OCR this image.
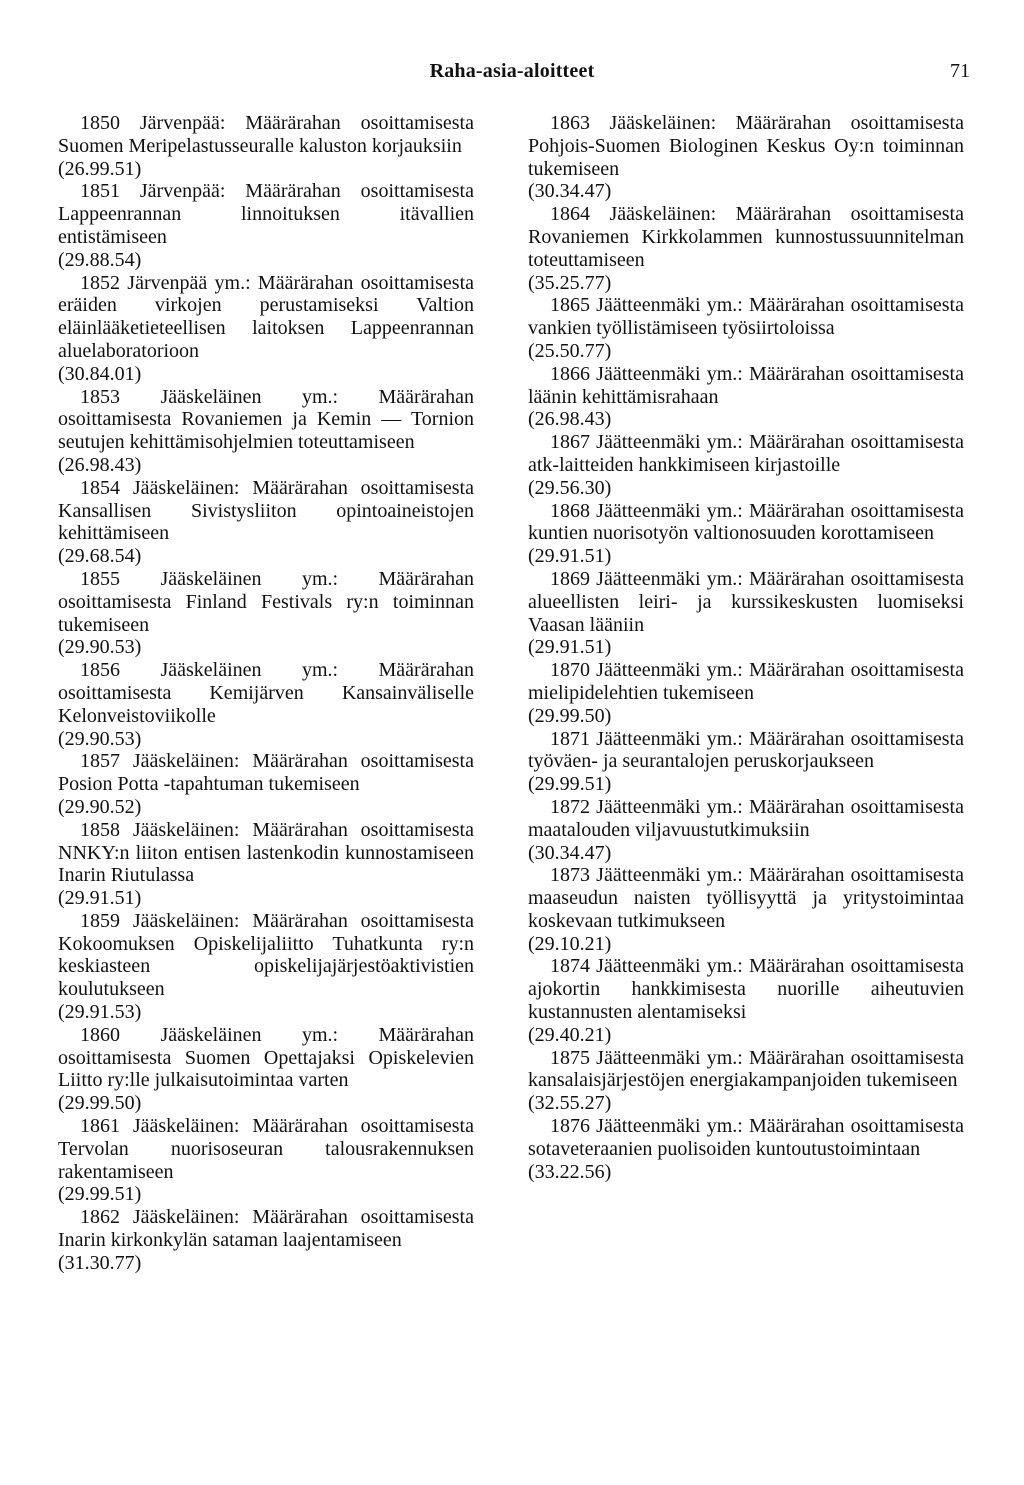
Raha-asia-aloitteet	71
1850 Järvenpää: Määrärahan osoittamisesta Suomen Meripelastusseuralle kaluston korjauksiin
(26.99.51)
1851 Järvenpää: Määrärahan osoittamisesta Lappeenrannan linnoituksen itävallien entistämiseen
(29.88.54)
1852 Järvenpää ym.: Määrärahan osoittamisesta eräiden virkojen perustamiseksi Valtion eläinlääketieteellisen laitoksen Lappeenrannan aluelaboratorioon
(30.84.01)
1853 Jääskeläinen ym.: Määrärahan osoittamisesta Rovaniemen ja Kemin — Tornion seutujen kehittämisohjelmien toteuttamiseen
(26.98.43)
1854 Jääskeläinen: Määrärahan osoittamisesta Kansallisen Sivistysliiton opintoaineistojen kehittämiseen
(29.68.54)
1855 Jääskeläinen ym.: Määrärahan osoittamisesta Finland Festivals ry:n toiminnan tukemiseen
(29.90.53)
1856 Jääskeläinen ym.: Määrärahan osoittamisesta Kemijärven Kansainväliselle Kelonveistoviikolle
(29.90.53)
1857 Jääskeläinen: Määrärahan osoittamisesta Posion Potta -tapahtuman tukemiseen
(29.90.52)
1858 Jääskeläinen: Määrärahan osoittamisesta NNKY:n liiton entisen lastenkodin kunnostamiseen Inarin Riutulassa
(29.91.51)
1859 Jääskeläinen: Määrärahan osoittamisesta Kokoomuksen Opiskelijaliitto Tuhatkunta ry:n keskiasteen opiskelijajärjestöaktivistien koulutukseen
(29.91.53)
1860 Jääskeläinen ym.: Määrärahan osoittamisesta Suomen Opettajaksi Opiskelevien Liitto ry:lle julkaisutoimintaa varten
(29.99.50)
1861 Jääskeläinen: Määrärahan osoittamisesta Tervolan nuorisoseuran talousrakennuksen rakentamiseen
(29.99.51)
1862 Jääskeläinen: Määrärahan osoittamisesta Inarin kirkonkylän sataman laajentamiseen
(31.30.77)
1863 Jääskeläinen: Määrärahan osoittamisesta Pohjois-Suomen Biologinen Keskus Oy:n toiminnan tukemiseen
(30.34.47)
1864 Jääskeläinen: Määrärahan osoittamisesta Rovaniemen Kirkkolammen kunnostussuunnitelman toteuttamiseen
(35.25.77)
1865 Jäätteenmäki ym.: Määrärahan osoittamisesta vankien työllistämiseen työsiirtoloissa
(25.50.77)
1866 Jäätteenmäki ym.: Määrärahan osoittamisesta läänin kehittämisrahaan
(26.98.43)
1867 Jäätteenmäki ym.: Määrärahan osoittamisesta atk-laitteiden hankkimiseen kirjastoille
(29.56.30)
1868 Jäätteenmäki ym.: Määrärahan osoittamisesta kuntien nuorisotyön valtionosuuden korottamiseen
(29.91.51)
1869 Jäätteenmäki ym.: Määrärahan osoittamisesta alueellisten leiri- ja kurssikeskusten luomiseksi Vaasan lääniin
(29.91.51)
1870 Jäätteenmäki ym.: Määrärahan osoittamisesta mielipidelehtien tukemiseen
(29.99.50)
1871 Jäätteenmäki ym.: Määrärahan osoittamisesta työväen- ja seurantalojen peruskorjaukseen
(29.99.51)
1872 Jäätteenmäki ym.: Määrärahan osoittamisesta maatalouden viljavuustutkimuksiin
(30.34.47)
1873 Jäätteenmäki ym.: Määrärahan osoittamisesta maaseudun naisten työllisyyttä ja yritystoimintaa koskevaan tutkimukseen
(29.10.21)
1874 Jäätteenmäki ym.: Määrärahan osoittamisesta ajokortin hankkimisesta nuorille aiheutuvien kustannusten alentamiseksi
(29.40.21)
1875 Jäätteenmäki ym.: Määrärahan osoittamisesta kansalaisjärjestöjen energiakampanjoiden tukemiseen
(32.55.27)
1876 Jäätteenmäki ym.: Määrärahan osoittamisesta sotaveteraanien puolisoiden kuntoutustoimintaan
(33.22.56)
